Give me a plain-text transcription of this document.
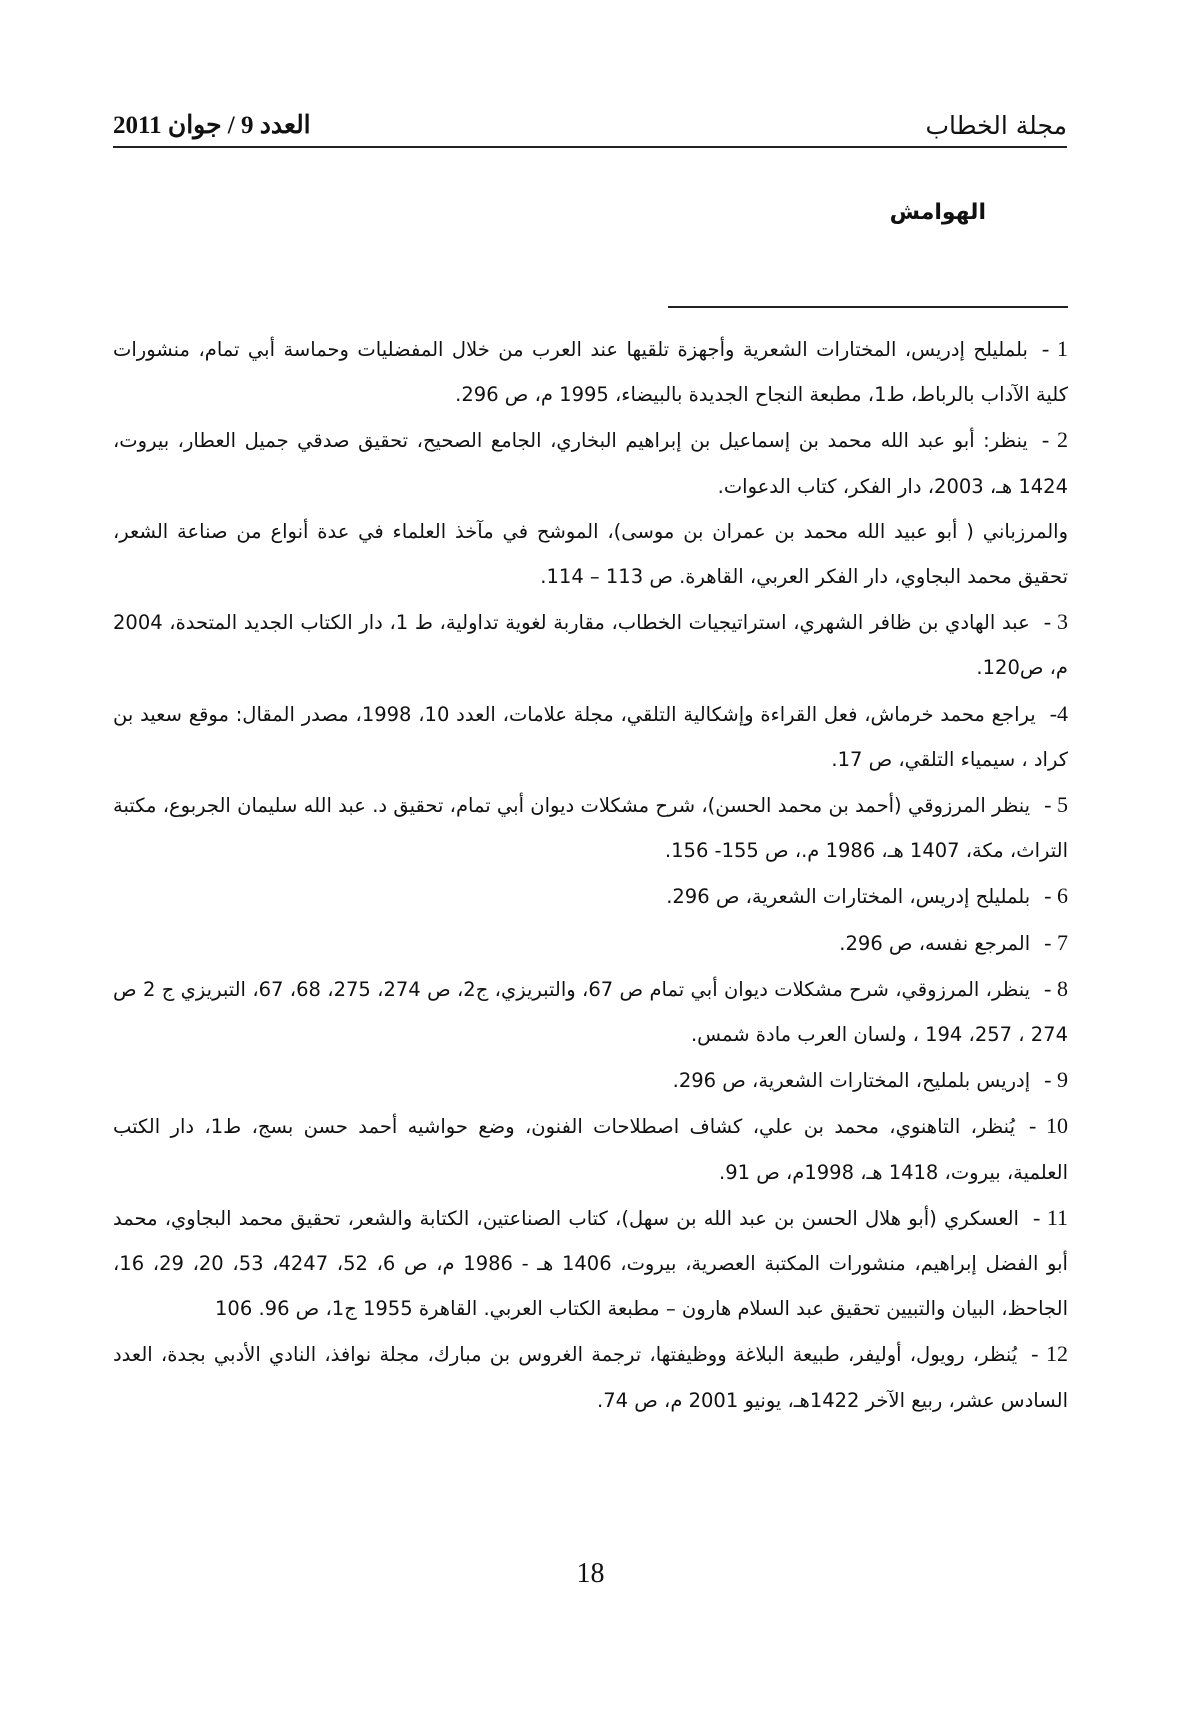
مجلة الخطاب
العدد 9 / جوان 2011
الهوامش

1 -بلمليلح إدريس، المختارات الشعرية وأجهزة تلقيها عند العرب من خلال المفضليات وحماسة أبي تمام، منشورات كلية الآداب بالرباط، ط1، مطبعة النجاح الجديدة بالبيضاء، 1995 م، ص 296.

2 -ينظر: أبو عبد الله محمد بن إسماعيل بن إبراهيم البخاري، الجامع الصحيح، تحقيق صدقي جميل العطار، بيروت، 1424 هـ، 2003، دار الفكر، كتاب الدعوات.

والمرزباني ( أبو عبيد الله محمد بن عمران بن موسى)، الموشح في مآخذ العلماء في عدة أنواع من صناعة الشعر، تحقيق محمد البجاوي، دار الفكر العربي، القاهرة. ص 113 – 114.

3 -عبد الهادي بن ظافر الشهري، استراتيجيات الخطاب، مقاربة لغوية تداولية، ط 1، دار الكتاب الجديد المتحدة، 2004 م، ص120.

4-يراجع محمد خرماش، فعل القراءة وإشكالية التلقي، مجلة علامات، العدد 10، 1998، مصدر المقال: موقع سعيد بن كراد ، سيمياء التلقي، ص 17.

5 -ينظر المرزوقي (أحمد بن محمد الحسن)، شرح مشكلات ديوان أبي تمام، تحقيق د. عبد الله سليمان الجربوع، مكتبة التراث، مكة، 1407 هـ، 1986 م.، ص 155- 156.

6 -بلمليلح إدريس، المختارات الشعرية، ص 296.

7 -المرجع نفسه، ص 296.

8 -ينظر، المرزوقي، شرح مشكلات ديوان أبي تمام ص 67، والتبريزي، ج2، ص 274، 275، 68، 67، التبريزي ج 2 ص 274 ، 257، 194 ، ولسان العرب مادة شمس.

9 -إدريس بلمليح، المختارات الشعرية، ص 296.

10 -يُنظر، التاهنوي، محمد بن علي، كشاف اصطلاحات الفنون، وضع حواشيه أحمد حسن بسج، ط1، دار الكتب العلمية، بيروت، 1418 هـ، 1998م، ص 91.

11 -العسكري (أبو هلال الحسن بن عبد الله بن سهل)، كتاب الصناعتين، الكتابة والشعر، تحقيق محمد البجاوي، محمد أبو الفضل إبراهيم، منشورات المكتبة العصرية، بيروت، 1406 هـ - 1986 م، ص 6، 52، 4247، 53، 20، 29، 16، الجاحظ، البيان والتبيين تحقيق عبد السلام هارون – مطبعة الكتاب العربي. القاهرة 1955 ج1، ص 96. 106

12 -يُنظر، رويول، أوليفر، طبيعة البلاغة ووظيفتها، ترجمة الغروس بن مبارك، مجلة نوافذ، النادي الأدبي بجدة، العدد السادس عشر، ربيع الآخر 1422هـ، يونيو 2001 م، ص 74.

18
